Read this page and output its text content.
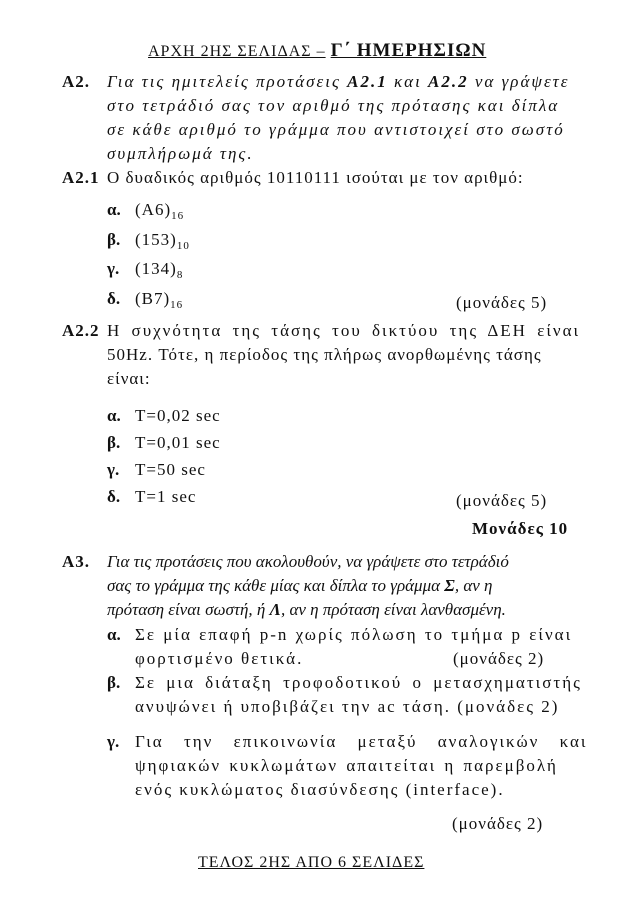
ΑΡΧΗ 2ΗΣ ΣΕΛΙΔΑΣ – Γ΄ ΗΜΕΡΗΣΙΩΝ
Α2. Για τις ημιτελείς προτάσεις Α2.1 και Α2.2 να γράψετε
στο τετράδιό σας τον αριθμό της πρότασης και δίπλα
σε κάθε αριθμό το γράμμα που αντιστοιχεί στο σωστό
συμπλήρωμά της.
Α2.1 Ο δυαδικός αριθμός 10110111 ισούται με τον αριθμό:
α. $(A6)_{16}$
β. $(153)_{10}$
γ. $(134)_8$
δ. $(B7)_{16}$	(μονάδες 5)
Α2.2 Η συχνότητα της τάσης του δικτύου της ΔΕΗ είναι
50Hz. Τότε, η περίοδος της πλήρως ανορθωμένης τάσης
είναι:
α. T=0,02 sec
β. T=0,01 sec
γ. T=50 sec
δ. T=1 sec	(μονάδες 5)
Μονάδες 10
Α3. Για τις προτάσεις που ακολουθούν, να γράψετε στο τετράδιό
σας το γράμμα της κάθε μίας και δίπλα το γράμμα Σ, αν η
πρόταση είναι σωστή, ή Λ, αν η πρόταση είναι λανθασμένη.
α. Σε μία επαφή p-n χωρίς πόλωση το τμήμα p είναι
φορτισμένο θετικά.	(μονάδες 2)
β. Σε μια διάταξη τροφοδοτικού ο μετασχηματιστής
ανυψώνει ή υποβιβάζει την ac τάση. (μονάδες 2)
γ. Για την επικοινωνία μεταξύ αναλογικών και
ψηφιακών κυκλωμάτων απαιτείται η παρεμβολή
ενός κυκλώματος διασύνδεσης (interface).
(μονάδες 2)
ΤΕΛΟΣ 2ΗΣ ΑΠΟ 6 ΣΕΛΙΔΕΣ
